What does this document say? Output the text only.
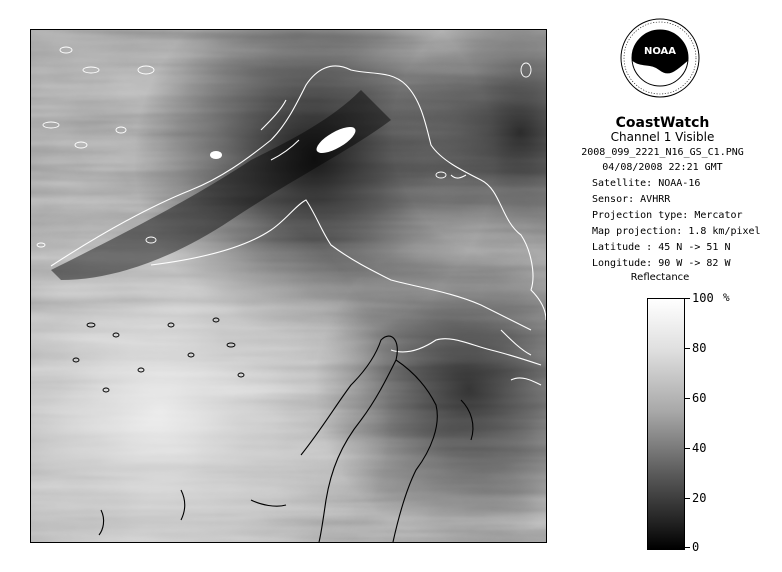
NOAA
CoastWatch
Channel 1 Visible
2008_099_2221_N16_GS_C1.PNG
04/08/2008 22:21 GMT
Satellite: NOAA-16
Sensor: AVHRR
Projection type: Mercator
Map projection: 1.8 km/pixel
Latitude : 45 N -> 51 N
Longitude: 90 W -> 82 W
Reflectance
%
100
80
60
40
20
0
